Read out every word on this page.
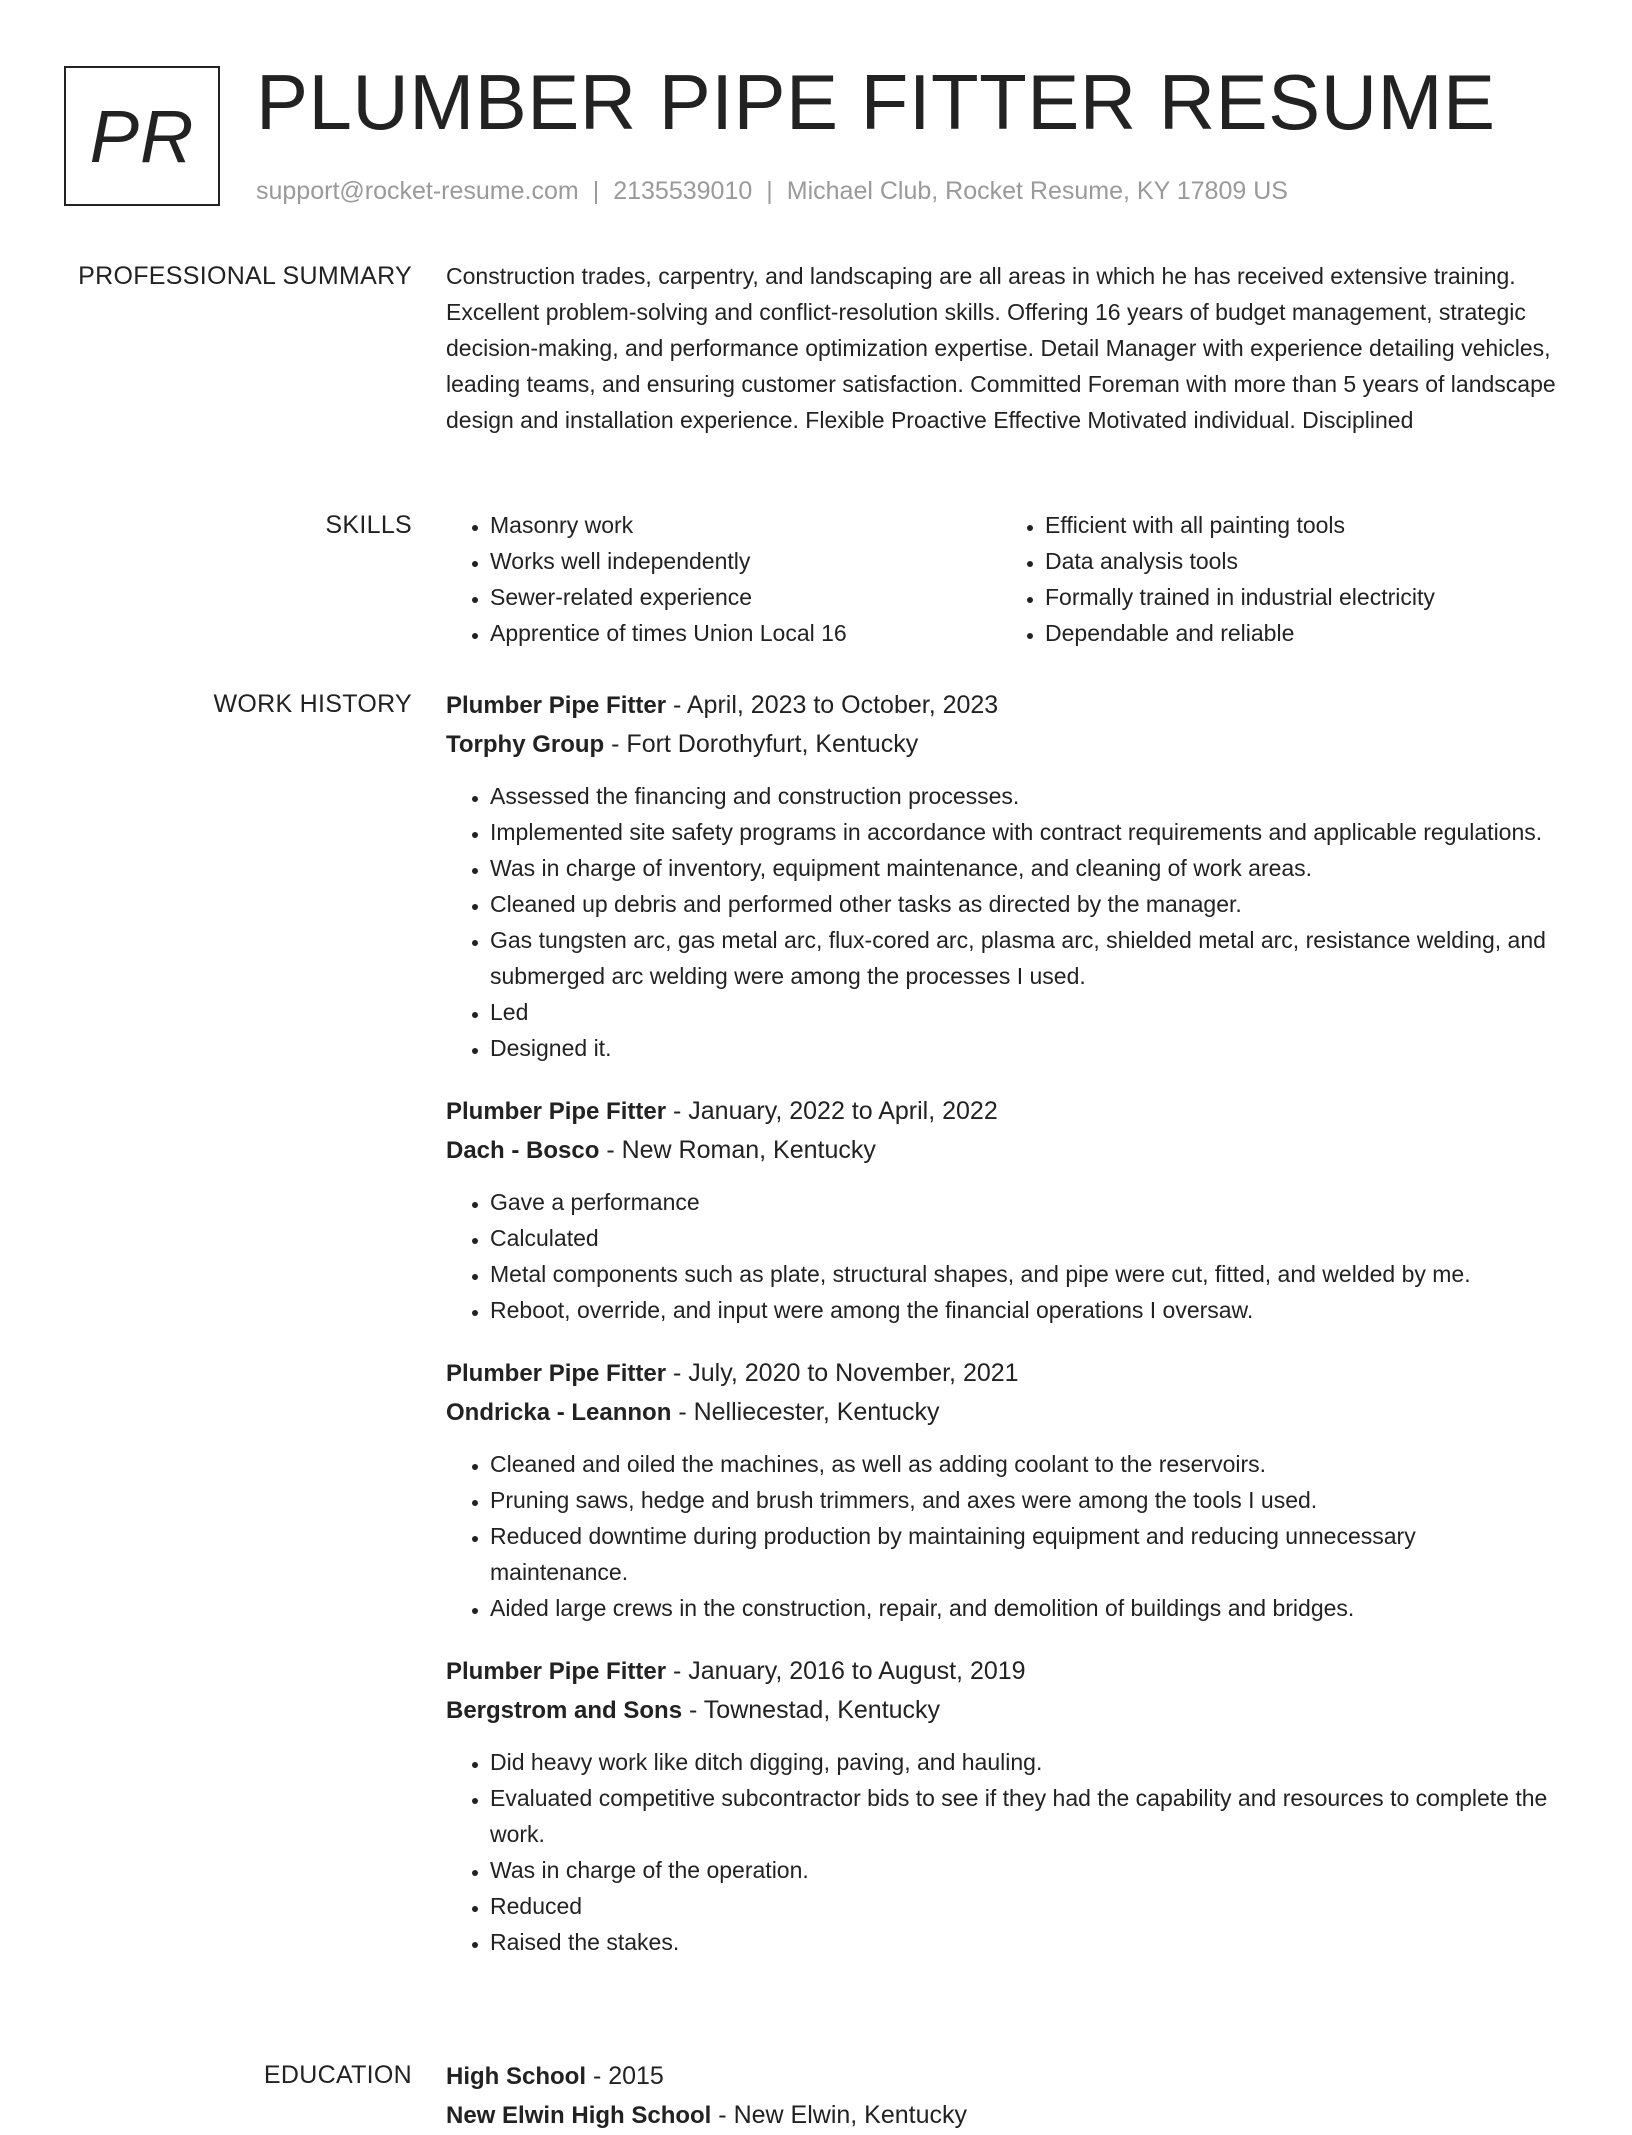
PR PLUMBER PIPE FITTER RESUME
support@rocket-resume.com | 2135539010 | Michael Club, Rocket Resume, KY 17809 US
PROFESSIONAL SUMMARY Construction trades, carpentry, and landscaping are all areas in which he has received extensive training. Excellent problem-solving and conflict-resolution skills. Offering 16 years of budget management, strategic decision-making, and performance optimization expertise. Detail Manager with experience detailing vehicles, leading teams, and ensuring customer satisfaction. Committed Foreman with more than 5 years of landscape design and installation experience. Flexible Proactive Effective Motivated individual. Disciplined

SKILLS
•	Masonry work
• Works well independently
• Sewer-related experience
• Apprentice of times Union Local 16
• Efficient with all painting tools
• Data analysis tools
• Formally trained in industrial electricity
• Dependable and reliable
WORK HISTORY Plumber Pipe Fitter - April, 2023 to October, 2023
Torphy Group - Fort Dorothyfurt, Kentucky
• Assessed the financing and construction processes.
• Implemented site safety programs in accordance with contract requirements and applicable regulations.
• Was in charge of inventory, equipment maintenance, and cleaning of work areas.
• Cleaned up debris and performed other tasks as directed by the manager.
• Gas tungsten arc, gas metal arc, flux-cored arc, plasma arc, shielded metal arc, resistance welding, and submerged arc welding were among the processes I used.
• Led
• Designed it.
Plumber Pipe Fitter - January, 2022 to April, 2022
Dach - Bosco - New Roman, Kentucky
• Gave a performance
• Calculated
• Metal components such as plate, structural shapes, and pipe were cut, fitted, and welded by me.
• Reboot, override, and input were among the financial operations I oversaw.
Plumber Pipe Fitter - July, 2020 to November, 2021
Ondricka - Leannon - Nelliecester, Kentucky
• Cleaned and oiled the machines, as well as adding coolant to the reservoirs.
• Pruning saws, hedge and brush trimmers, and axes were among the tools I used.
• Reduced downtime during production by maintaining equipment and reducing unnecessary maintenance.
• Aided large crews in the construction, repair, and demolition of buildings and bridges.
Plumber Pipe Fitter - January, 2016 to August, 2019
Bergstrom and Sons - Townestad, Kentucky
• Did heavy work like ditch digging, paving, and hauling.
• Evaluated competitive subcontractor bids to see if they had the capability and resources to complete the work.
• Was in charge of the operation.
• Reduced
• Raised the stakes.
EDUCATION High School - 2015
New Elwin High School - New Elwin, Kentucky
